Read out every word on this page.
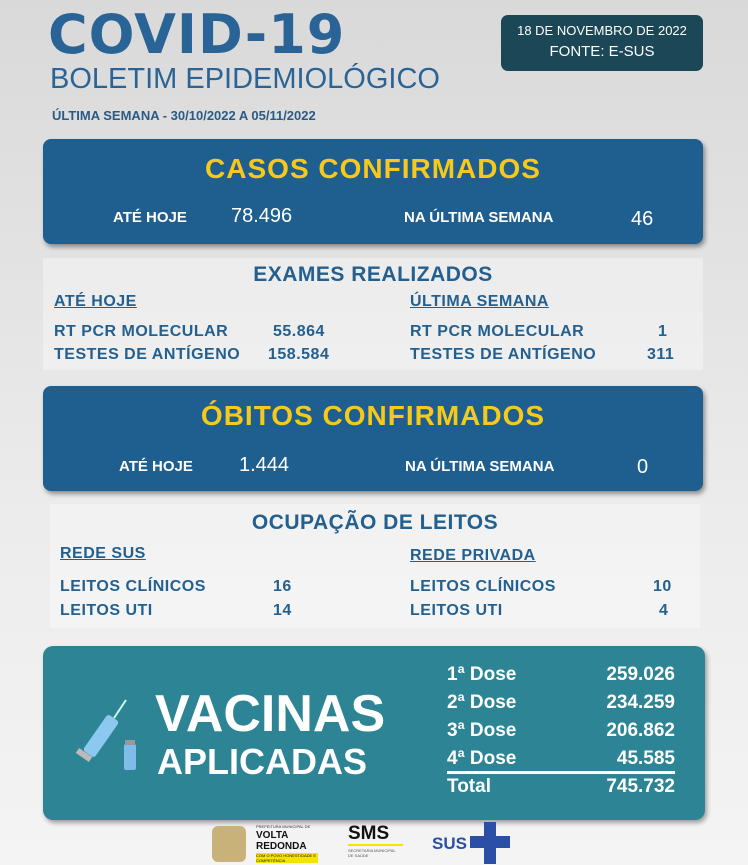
COVID-19
BOLETIM EPIDEMIOLÓGICO
ÚLTIMA SEMANA - 30/10/2022 A 05/11/2022
18 DE NOVEMBRO DE 2022
FONTE: E-SUS
CASOS CONFIRMADOS
ATÉ HOJE 78.496	NA ÚLTIMA SEMANA	46
EXAMES REALIZADOS
ATÉ HOJE
RT PCR MOLECULAR	55.864
TESTES DE ANTÍGENO 158.584
ÚLTIMA SEMANA
RT PCR MOLECULAR	1
TESTES DE ANTÍGENO	311
ÓBITOS CONFIRMADOS
ATÉ HOJE 1.444	NA ÚLTIMA SEMANA	0
OCUPAÇÃO DE LEITOS
REDE SUS
LEITOS CLÍNICOS	16
LEITOS UTI	14
REDE PRIVADA
LEITOS CLÍNICOS	10
LEITOS UTI	4
VACINAS
APLICADAS
1ª Dose	259.026
2ª Dose	234.259
3ª Dose	206.862
4ª Dose	45.585
Total	745.732
PREFEITURA MUNICIPAL DE
VOLTA
REDONDA
COM O POVO HONESTIDADE E COMPETÊNCIA
SMS
SECRETARIA MUNICIPAL DE SAÚDE
SUS
